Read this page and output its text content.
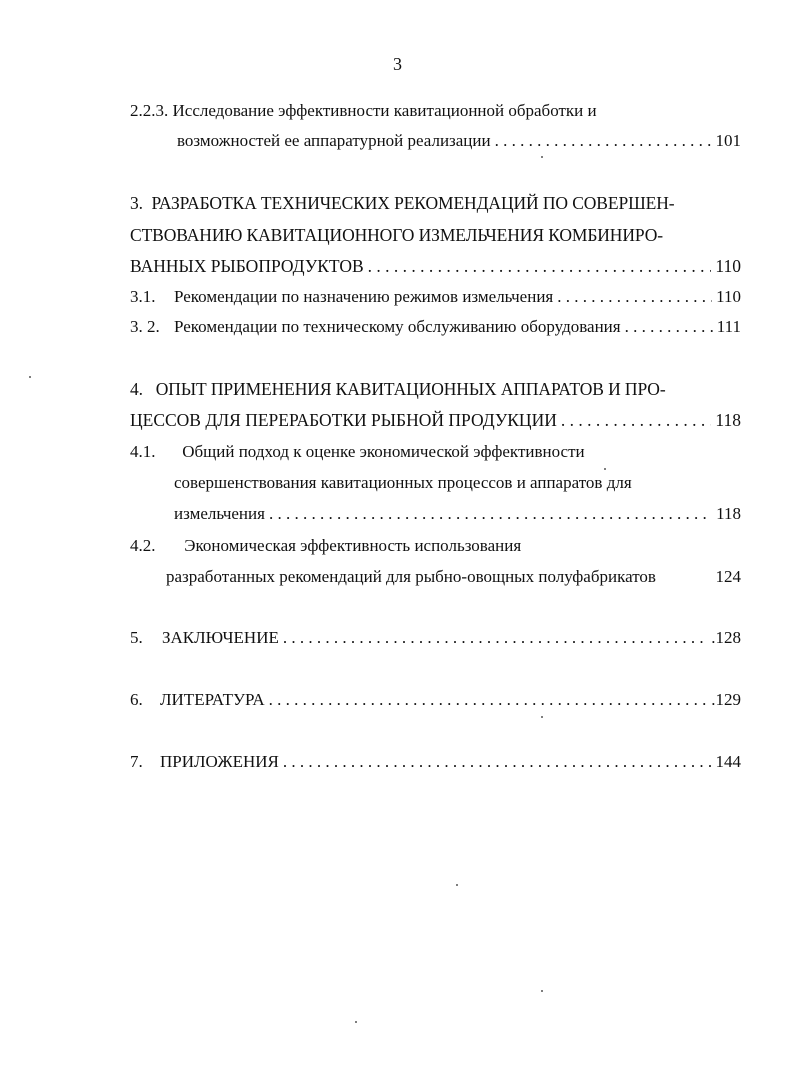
3
2.2.3. Исследование эффективности кавитационной обработки и
возможностей ее аппаратурной реализации . . .	101
3. РАЗРАБОТКА ТЕХНИЧЕСКИХ РЕКОМЕНДАЦИЙ ПО СОВЕРШЕН-
СТВОВАНИЮ КАВИТАЦИОННОГО ИЗМЕЛЬЧЕНИЯ КОМБИНИРО-
ВАННЫХ РЫБОПРОДУКТОВ . . .	110
3.1.	Рекомендации по назначению режимов измельчения . . .	110
3. 2. Рекомендации по техническому обслуживанию оборудования . . .	111
4. ОПЫТ ПРИМЕНЕНИЯ КАВИТАЦИОННЫХ АППАРАТОВ И ПРО-
ЦЕССОВ ДЛЯ ПЕРЕРАБОТКИ РЫБНОЙ ПРОДУКЦИИ . . .	118
4.1. Общий подход к оценке экономической эффективности
совершенствования кавитационных процессов и аппаратов для
измельчения . . .	118
4.2. Экономическая эффективность использования
разработанных рекомендаций для рыбно-овощных полуфабрикатов	124
5.	ЗАКЛЮЧЕНИЕ . . .	.128
6.	ЛИТЕРАТУРА . . .	.129
7.	ПРИЛОЖЕНИЯ . . .	144
